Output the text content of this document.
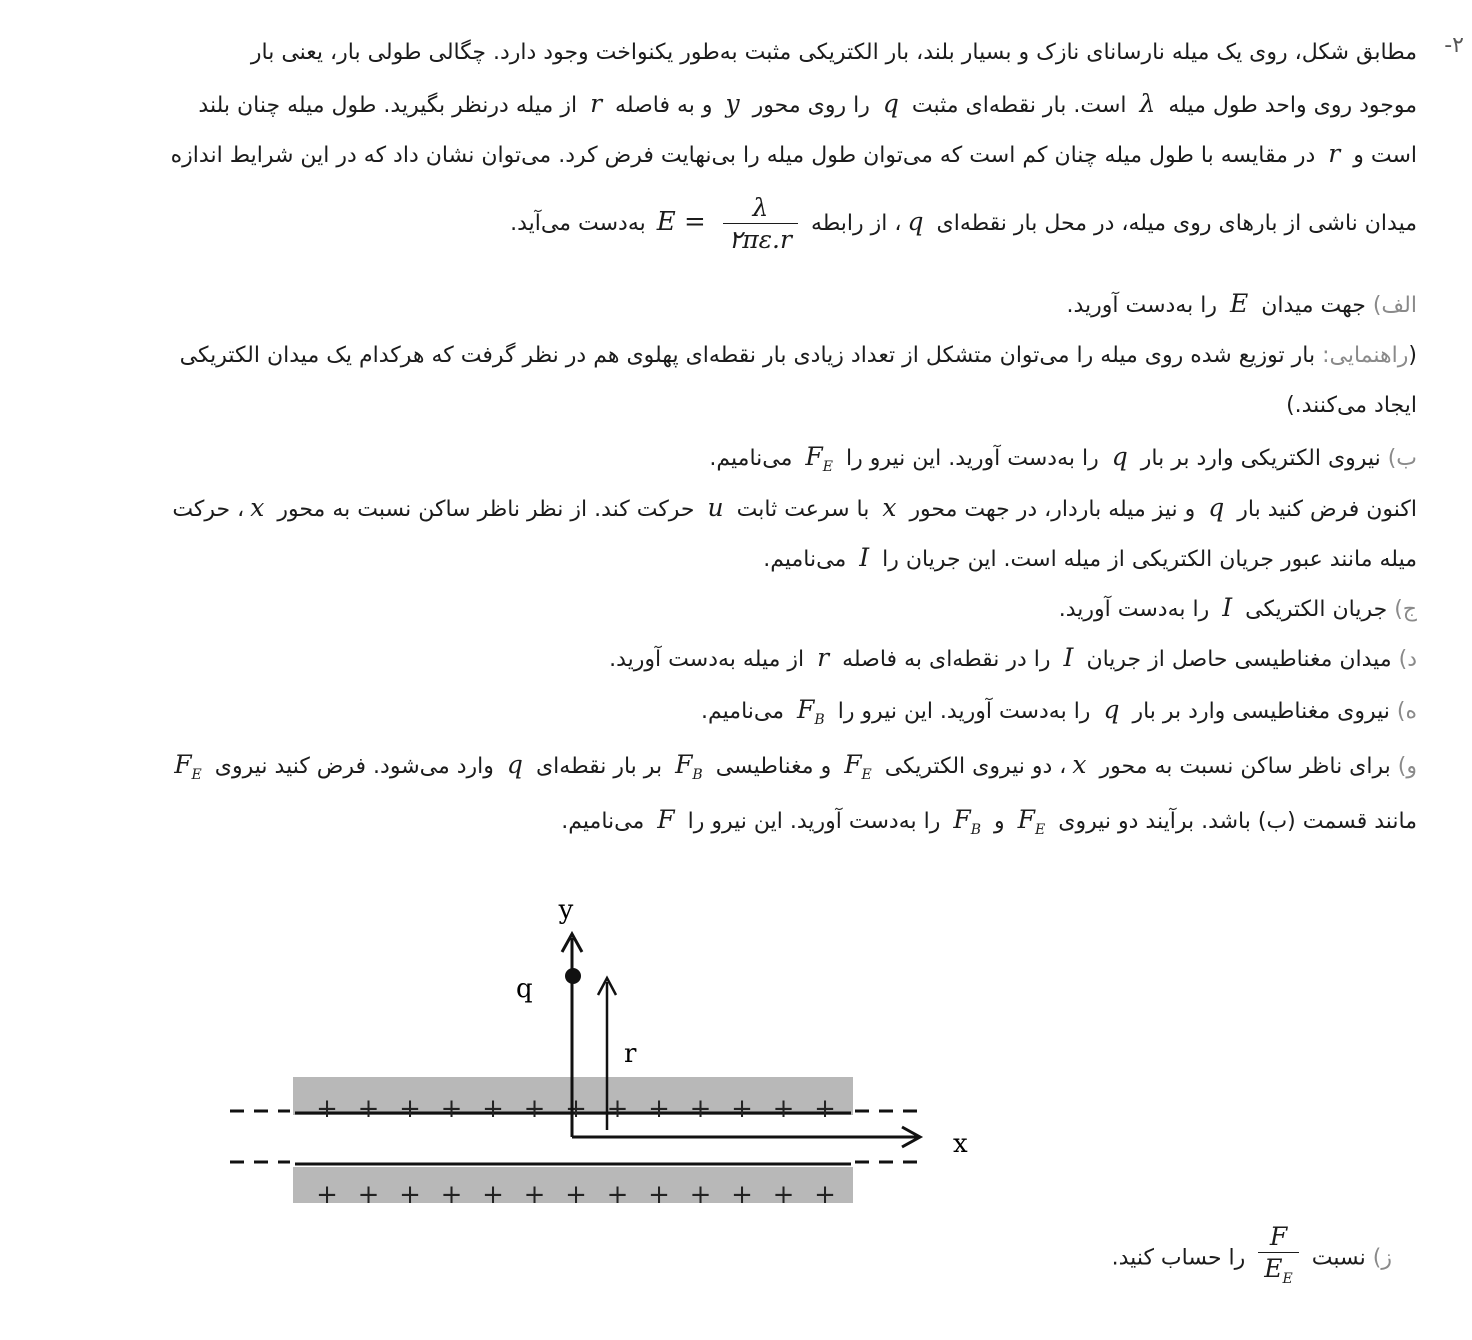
۲-
مطابق شکل، روی یک میله نارسانای نازک و بسیار بلند، بار الکتریکی مثبت به‌طور یکنواخت وجود دارد. چگالی طولی بار، یعنی بار
موجود روی واحد طول میله λ است. بار نقطه‌ای مثبت q را روی محور y و به فاصله r از میله درنظر بگیرید. طول میله چنان بلند
است و r در مقایسه با طول میله چنان کم است که می‌توان طول میله را بی‌نهایت فرض کرد. می‌توان نشان داد که در این شرایط اندازه
میدان ناشی از بارهای روی میله، در محل بار نقطه‌ای q، از رابطه
$\frac{\lambda}{۲\pi\varepsilon.r}$
E = به‌دست می‌آید.
الف) جهت میدان E را به‌دست آورید.
(راهنمایی: بار توزیع شده روی میله را می‌توان متشکل از تعداد زیادی بار نقطه‌ای پهلوی هم در نظر گرفت که هرکدام یک میدان الکتریکی
ایجاد می‌کنند.)
ب) نیروی الکتریکی وارد بر بار q را به‌دست آورید. این نیرو را $F_E$ می‌نامیم.
اکنون فرض کنید بار q و نیز میله باردار، در جهت محور x با سرعت ثابت u حرکت کند. از نظر ناظر ساکن نسبت به محور x، حرکت
میله مانند عبور جریان الکتریکی از میله است. این جریان را I می‌نامیم.
ج) جریان الکتریکی I را به‌دست آورید.
د) میدان مغناطیسی حاصل از جریان I را در نقطه‌ای به فاصله r از میله به‌دست آورید.
ه) نیروی مغناطیسی وارد بر بار q را به‌دست آورید. این نیرو را $F_B$ می‌نامیم.
و) برای ناظر ساکن نسبت به محور x، دو نیروی الکتریکی $F_E$ و مغناطیسی $F_B$ بر بار نقطه‌ای q وارد می‌شود. فرض کنید نیروی $F_E$
مانند قسمت (ب) باشد. برآیند دو نیروی $F_E$ و $F_B$ را به‌دست آورید. این نیرو را F می‌نامیم.
ز) نسبت
$\frac{F}{E_E}$
را حساب کنید.
+ + + + + + + + + + + + +
+ + + + + + + + + + + + +
y
x
q
r
